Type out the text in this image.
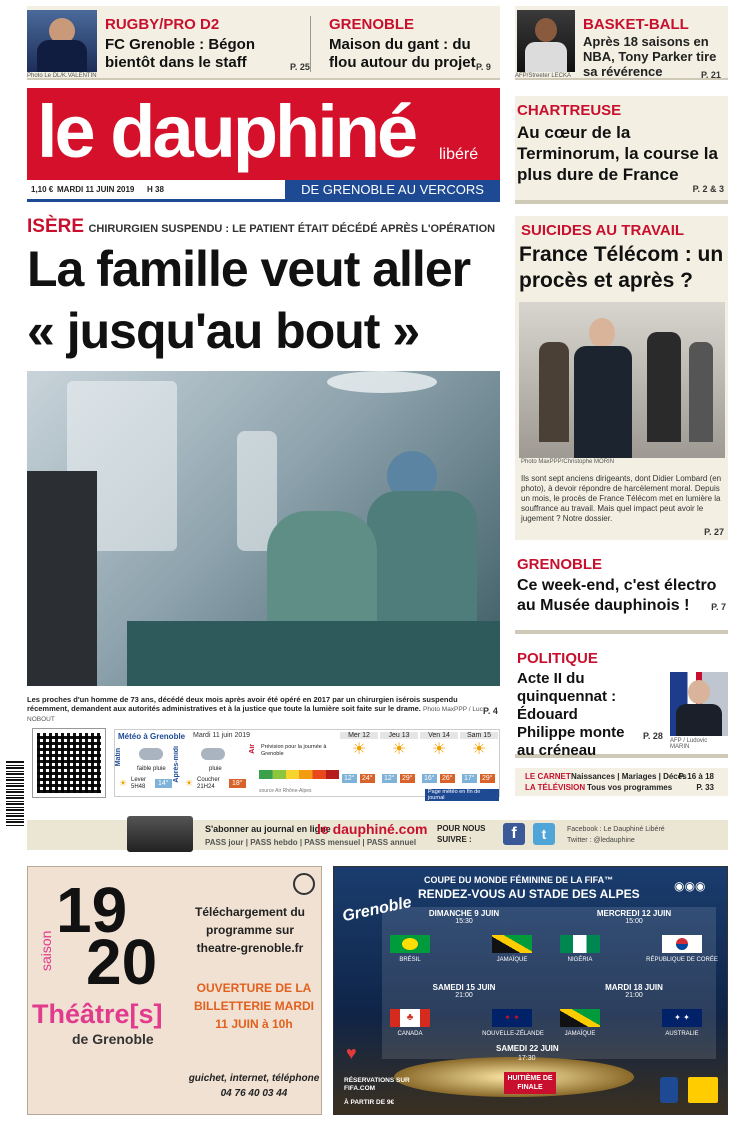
Photo Le DL/K.VALENTIN
RUGBY/PRO D2
FC Grenoble : Bégon bientôt dans le staff	P. 25
GRENOBLE
Maison du gant : du flou autour du projet P. 9
AFP/Streeter LECKA
BASKET-BALL
Après 18 saisons en NBA, Tony Parker tire sa révérence	P. 21
le dauphiné libéré
1,10 € MARDI 11 JUIN 2019 H 38	DE GRENOBLE AU VERCORS
ISÈRE CHIRURGIEN SUSPENDU : LE PATIENT ÉTAIT DÉCÉDÉ APRÈS L'OPÉRATION
La famille veut aller
« jusqu'au bout »
Les proches d'un homme de 73 ans, décédé deux mois après avoir été opéré en 2017 par un chirurgien isérois suspendu récemment, demandent aux autorités administratives et à la justice que toute la lumière soit faite sur le drame. Photo MaxPPP / Luc NOBOUT
P. 4
Météo à Grenoble Mardi 11 juin 2019
Matin
faible pluie
☀ Lever
5H48	14°
Après-midi	pluie
☀ Coucher
21H24	18°
Air Prévision pour la journée à Grenoble
source Air Rhône-Alpes
Mer 12
☀
12° 24°
Jeu 13
☀
12° 29°
Ven 14
☀
16° 26°
Sam 15
☀
17° 29°
Page météo en fin de journal
CHARTREUSE
Au cœur de la Terminorum, la course la plus dure de France
P. 2 & 3
SUICIDES AU TRAVAIL
France Télécom : un procès et après ?
Photo MaxPPP/Christophe MORIN
Ils sont sept anciens dirigeants, dont Didier Lombard (en photo), à devoir répondre de harcèlement moral. Depuis un mois, le procès de France Télécom met en lumière la souffrance au travail. Mais quel impact peut avoir le jugement ? Notre dossier.
P. 27
GRENOBLE
Ce week-end, c'est électro au Musée dauphinois !	P. 7
POLITIQUE
Acte II du quinquennat : Édouard Philippe monte au créneau
P. 28 AFP / Ludovic MARIN
LE CARNET Naissances | Mariages | Décès
P. 16 à 18
LA TÉLÉVISION Tous vos programmes	P. 33
S'abonner au journal en ligne
le dauphiné.com
PASS jour | PASS hebdo | PASS mensuel | PASS annuel
POUR NOUS SUIVRE :	f	t	Facebook : Le Dauphiné Libéré
Twitter : @ledauphine
19
20
saison
Théâtre[s]
de Grenoble
Téléchargement du programme sur theatre-grenoble.fr
OUVERTURE DE LA BILLETTERIE MARDI 11 JUIN à 10h
guichet, internet, téléphone 04 76 40 03 44
COUPE DU MONDE FÉMININE DE LA FIFA™
RENDEZ-VOUS AU STADE DES ALPES
Grenoble
◉◉◉
DIMANCHE 9 JUIN
15:30
BRÉSIL	JAMAÏQUE
MERCREDI 12 JUIN
15:00
NIGÉRIA	RÉPUBLIQUE DE CORÉE
SAMEDI 15 JUIN
21:00
♣	✦ ✦
CANADA	NOUVELLE-ZÉLANDE
MARDI 18 JUIN
21:00
✦ ✦
JAMAÏQUE	AUSTRALIE
SAMEDI 22 JUIN
17:30
HUITIÈME DE FINALE
♥
RÉSERVATIONS SUR FIFA.COM
À PARTIR DE 9€
